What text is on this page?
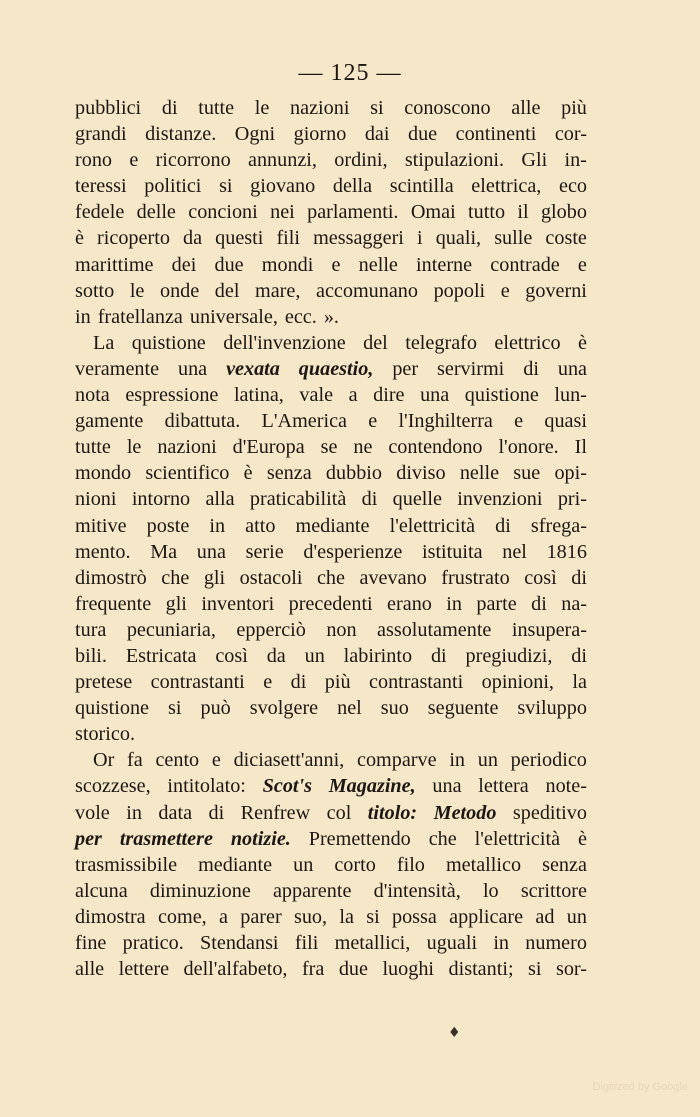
— 125 —
pubblici di tutte le nazioni si conoscono alle più
grandi distanze. Ogni giorno dai due continenti cor-
rono e ricorrono annunzi, ordini, stipulazioni. Gli in-
teressi politici si giovano della scintilla elettrica, eco
fedele delle concioni nei parlamenti. Omai tutto il globo
è ricoperto da questi fili messaggeri i quali, sulle coste
marittime dei due mondi e nelle interne contrade e
sotto le onde del mare, accomunano popoli e governi
in fratellanza universale, ecc. ».
La quistione dell'invenzione del telegrafo elettrico è
veramente una vexata quaestio, per servirmi di una
nota espressione latina, vale a dire una quistione lun-
gamente dibattuta. L'America e l'Inghilterra e quasi
tutte le nazioni d'Europa se ne contendono l'onore. Il
mondo scientifico è senza dubbio diviso nelle sue opi-
nioni intorno alla praticabilità di quelle invenzioni pri-
mitive poste in atto mediante l'elettricità di sfrega-
mento. Ma una serie d'esperienze istituita nel 1816
dimostrò che gli ostacoli che avevano frustrato così di
frequente gli inventori precedenti erano in parte di na-
tura pecuniaria, epperciò non assolutamente insupera-
bili. Estricata così da un labirinto di pregiudizi, di
pretese contrastanti e di più contrastanti opinioni, la
quistione si può svolgere nel suo seguente sviluppo
storico.
Or fa cento e diciasett'anni, comparve in un periodico
scozzese, intitolato: Scot's Magazine, una lettera note-
vole in data di Renfrew col titolo: Metodo speditivo
per trasmettere notizie. Premettendo che l'elettricità è
trasmissibile mediante un corto filo metallico senza
alcuna diminuzione apparente d'intensità, lo scrittore
dimostra come, a parer suo, la si possa applicare ad un
fine pratico. Stendansi fili metallici, uguali in numero
alle lettere dell'alfabeto, fra due luoghi distanti; si sor-
♦
Digitized by Google
